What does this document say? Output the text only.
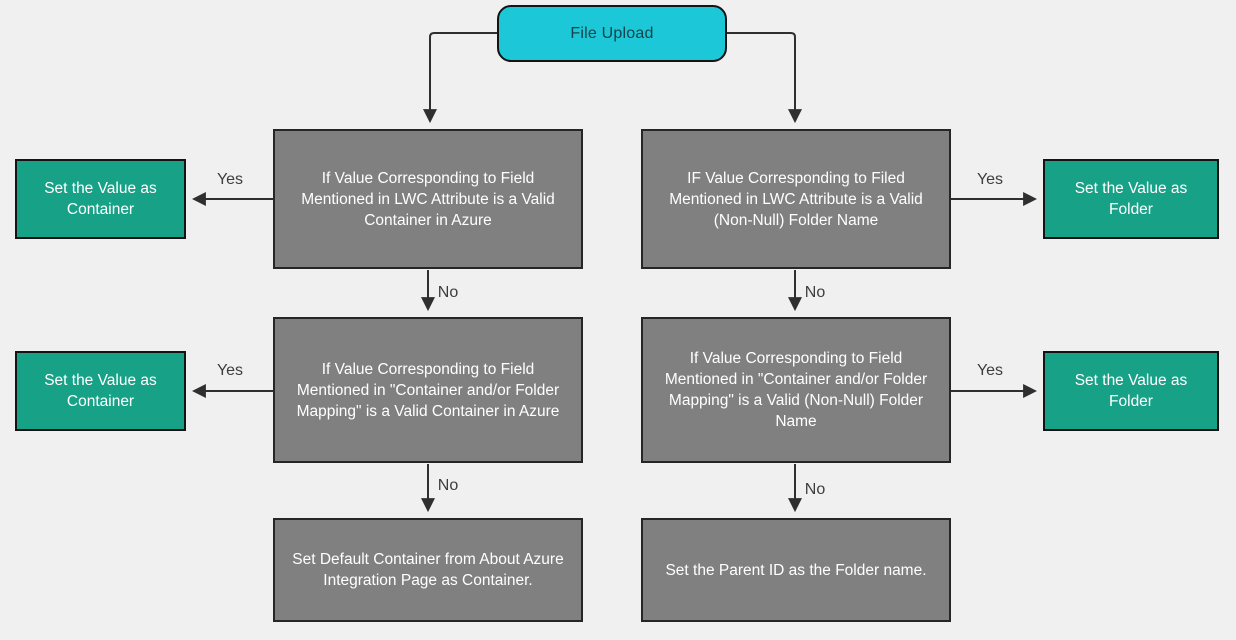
File Upload
Set the Value as Container
If Value Corresponding to Field Mentioned in LWC Attribute is a Valid Container in Azure
IF Value Corresponding to Filed Mentioned in LWC Attribute is a Valid (Non-Null) Folder Name
Set the Value as Folder
Set the Value as Container
If Value Corresponding to Field Mentioned in "Container and/or Folder Mapping" is a Valid Container in Azure
If Value Corresponding to Field Mentioned in "Container and/or Folder Mapping" is a Valid (Non-Null) Folder Name
Set the Value as Folder
Set Default Container from About Azure Integration Page as Container.
Set the Parent ID as the Folder name.
Yes	Yes
No	No
Yes	Yes
No	No
